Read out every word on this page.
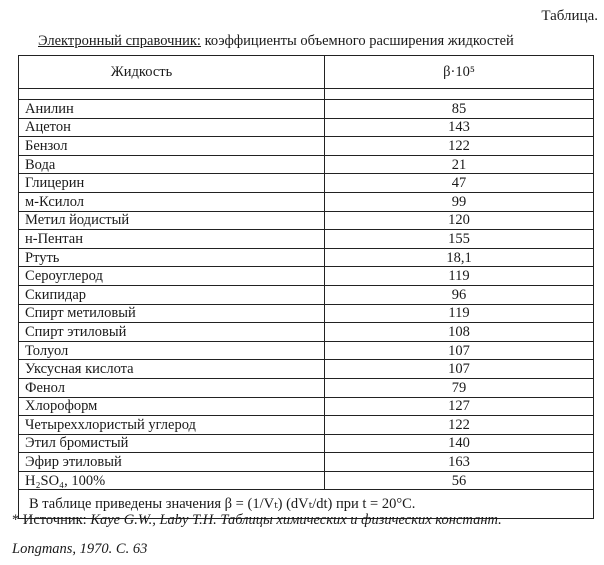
Таблица.
Электронный справочник: коэффициенты объемного расширения жидкостей
Жидкость	β·10⁵

Анилин	85
Ацетон	143
Бензол	122
Вода	21
Глицерин	47
м-Ксилол	99
Метил йодистый	120
н-Пентан	155
Ртуть	18,1
Сероуглерод	119
Скипидар	96
Спирт метиловый	119
Спирт этиловый	108
Толуол	107
Уксусная кислота	107
Фенол	79
Хлороформ	127
Четыреххлористый углерод	122
Этил бромистый	140
Эфир этиловый	163
H₂SO₄, 100%	56
В таблице приведены значения β = (1/Vₜ) (dVₜ/dt) при t = 20°C.	
* Источник: Kaye G.W., Laby T.H. Таблицы химических и физических констант.
Longmans, 1970. С. 63
